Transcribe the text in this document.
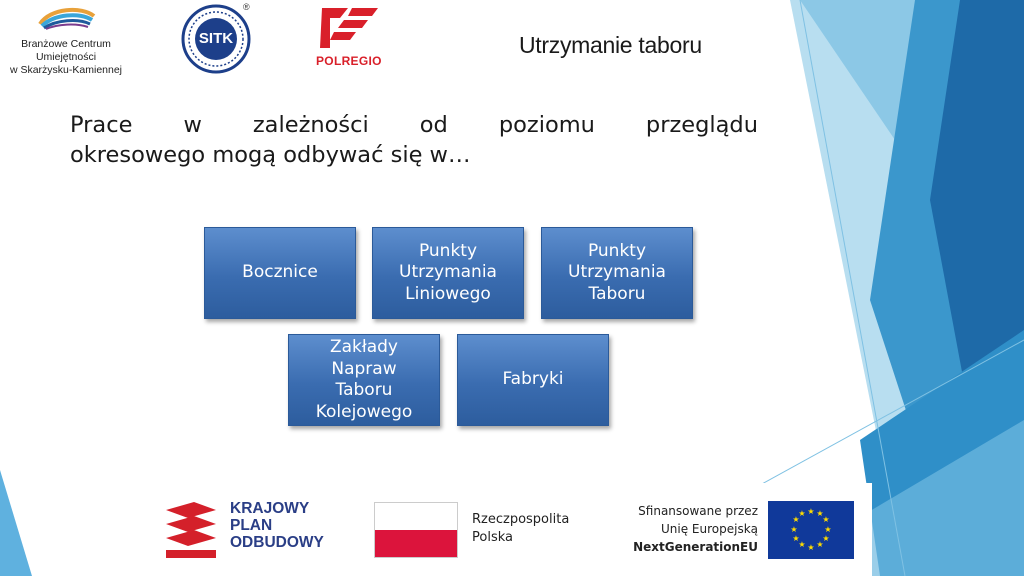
Branżowe Centrum
Umiejętności
w Skarżysku-Kamiennej
SITK
®
POLREGIO
Utrzymanie taboru
Prace w zależności od poziomu przeglądu
okresowego mogą odbywać się w…
Bocznice
Punkty
Utrzymania
Liniowego
Punkty
Utrzymania
Taboru
Zakłady
Napraw
Taboru
Kolejowego
Fabryki
KRAJOWY
PLAN
ODBUDOWY
Rzeczpospolita
Polska
Sfinansowane przez
Unię Europejską
NextGenerationEU
★ ★
★
★
★
★
★
★
★
★
★
★
